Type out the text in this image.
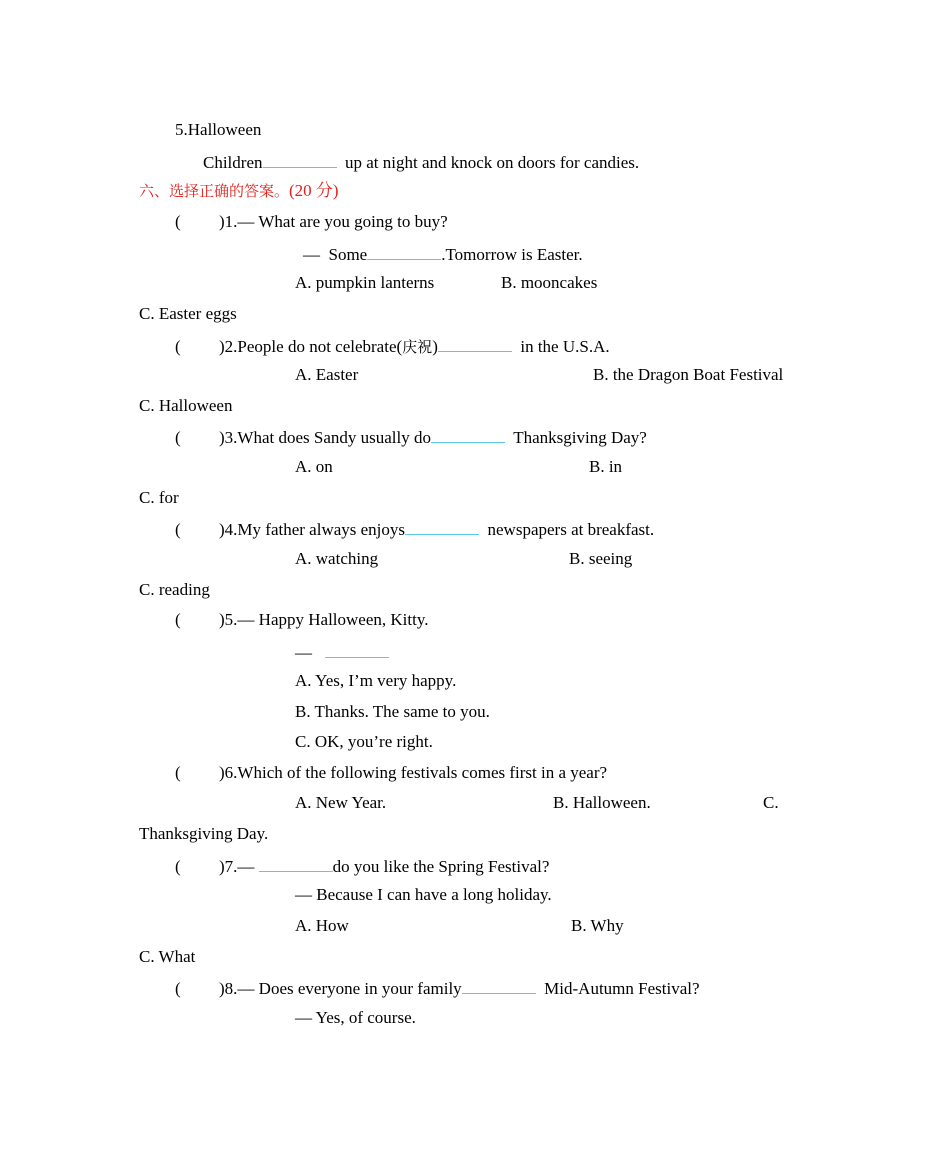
5.Halloween
Children	up at night and knock on doors for candies.
六、选择正确的答案。(20 分)
( )1.— What are you going to buy?
— Some	.Tomorrow is Easter.
A. pumpkin lanterns	B. mooncakes
C. Easter eggs
( )2.People do not celebrate(庆祝)	in the U.S.A.
A. Easter	B. the Dragon Boat Festival
C. Halloween
( )3.What does Sandy usually do	Thanksgiving Day?
A. on	B. in
C. for
( )4.My father always enjoys	newspapers at breakfast.
A. watching	B. seeing
C. reading
( )5.— Happy Halloween, Kitty.
—
A. Yes, I’m very happy.
B. Thanks. The same to you.
C. OK, you’re right.
( )6.Which of the following festivals comes first in a year?
A. New Year.	B. Halloween.	C.
Thanksgiving Day.
( )7.—	do you like the Spring Festival?
— Because I can have a long holiday.
A. How	B. Why
C. What
( )8.— Does everyone in your family	Mid-Autumn Festival?
— Yes, of course.
